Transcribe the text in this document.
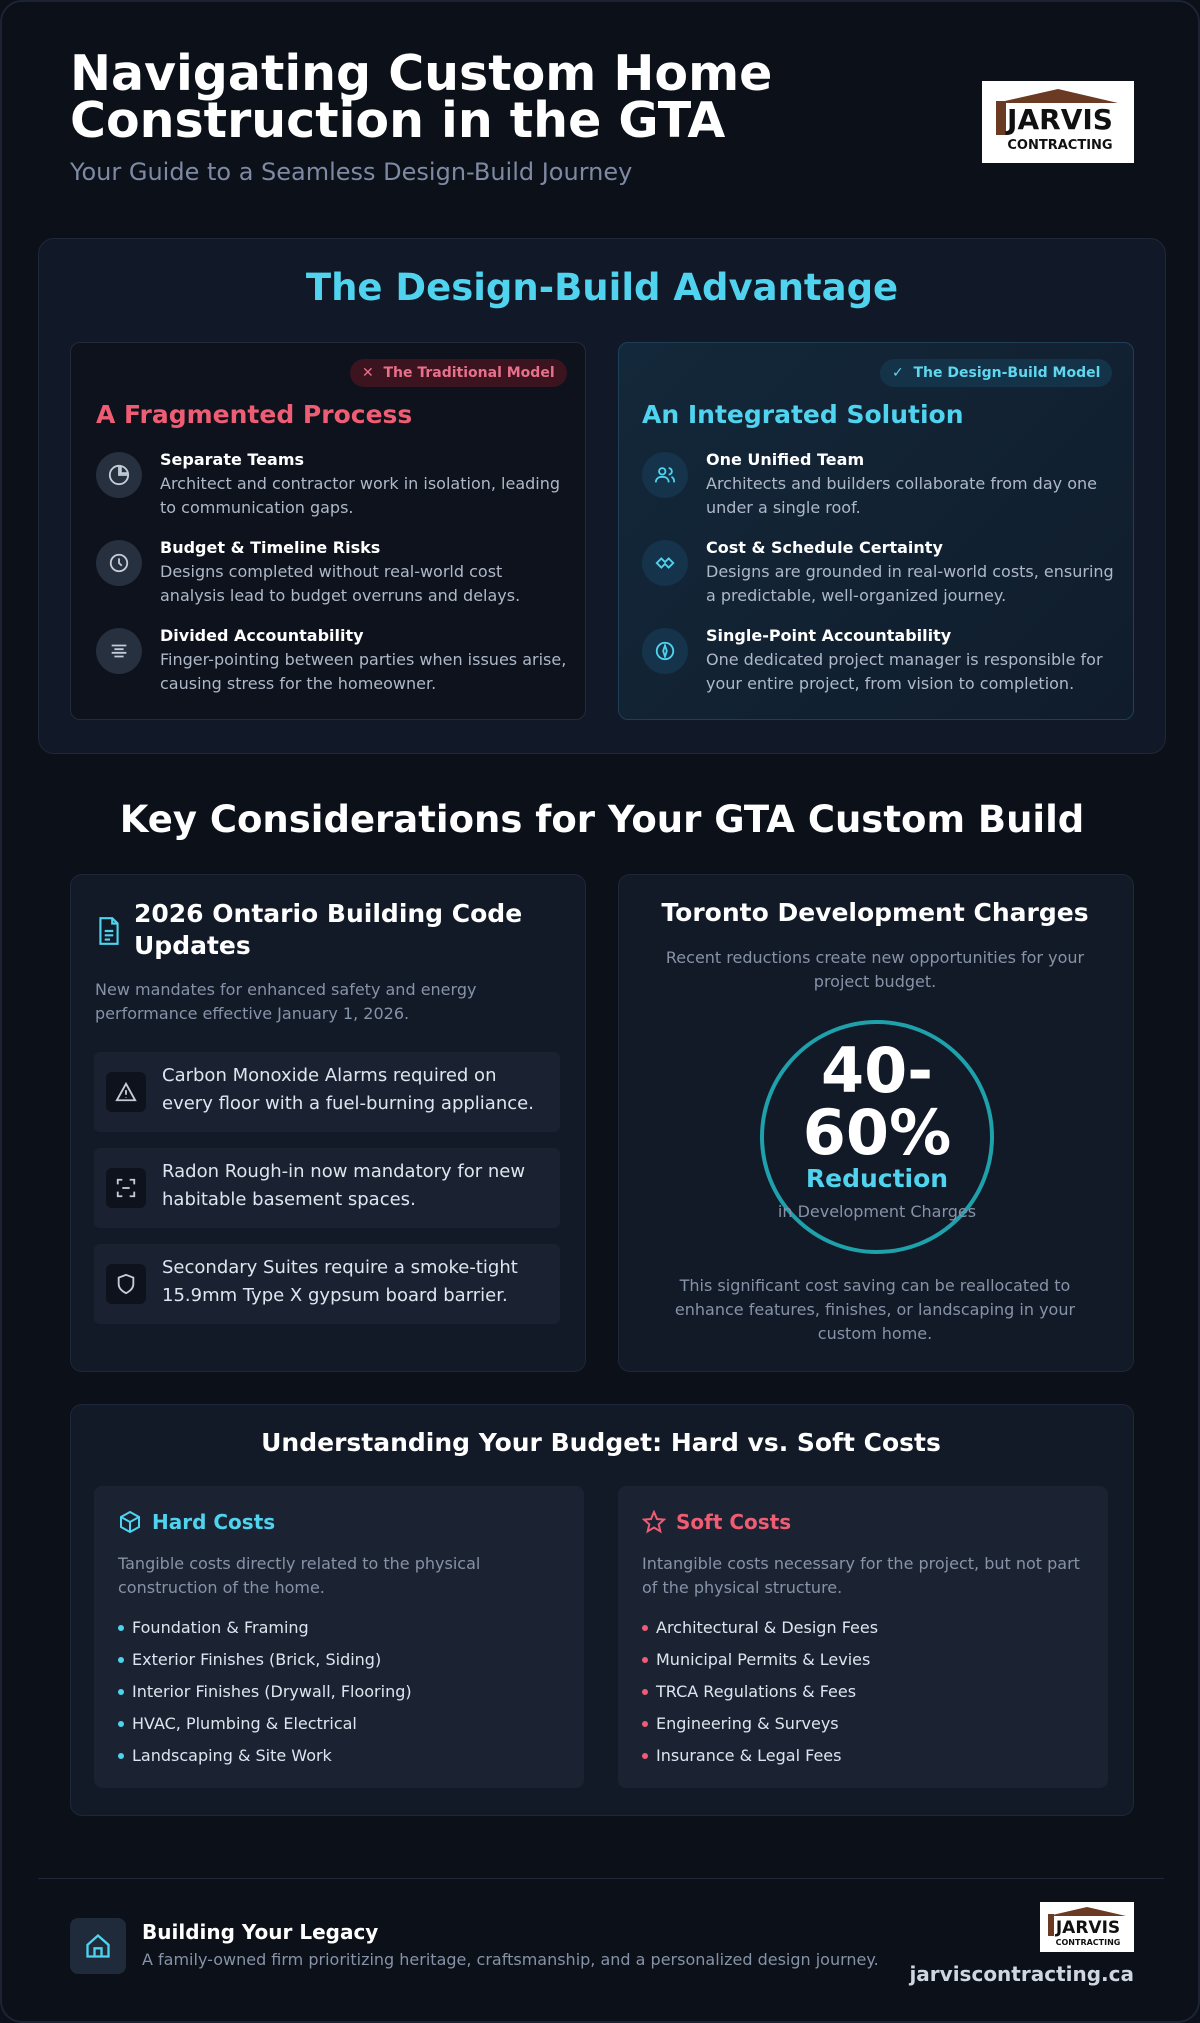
Navigating Custom Home Construction in the GTA
Your Guide to a Seamless Design-Build Journey
JARVIS
CONTRACTING
The Design-Build Advantage
✕ The Traditional Model
A Fragmented Process
Separate Teams
Architect and contractor work in isolation, leading to communication gaps.
Budget & Timeline Risks
Designs completed without real-world cost analysis lead to budget overruns and delays.
Divided Accountability
Finger-pointing between parties when issues arise, causing stress for the homeowner.
✓ The Design-Build Model
An Integrated Solution
One Unified Team
Architects and builders collaborate from day one under a single roof.
Cost & Schedule Certainty
Designs are grounded in real-world costs, ensuring a predictable, well-organized journey.
Single-Point Accountability
One dedicated project manager is responsible for your entire project, from vision to completion.
Key Considerations for Your GTA Custom Build
2026 Ontario Building Code Updates
New mandates for enhanced safety and energy performance effective January 1, 2026.
Carbon Monoxide Alarms required on every floor with a fuel-burning appliance.
Radon Rough-in now mandatory for new habitable basement spaces.
Secondary Suites require a smoke-tight 15.9mm Type X gypsum board barrier.
Toronto Development Charges
Recent reductions create new opportunities for your project budget.
40-
60%
Reduction
in Development Charges
This significant cost saving can be reallocated to enhance features, finishes, or landscaping in your custom home.
Understanding Your Budget: Hard vs. Soft Costs
Hard Costs
Tangible costs directly related to the physical construction of the home.
Foundation & Framing
Exterior Finishes (Brick, Siding)
Interior Finishes (Drywall, Flooring)
HVAC, Plumbing & Electrical
Landscaping & Site Work
Soft Costs
Intangible costs necessary for the project, but not part of the physical structure.
Architectural & Design Fees
Municipal Permits & Levies
TRCA Regulations & Fees
Engineering & Surveys
Insurance & Legal Fees
Building Your Legacy
A family-owned firm prioritizing heritage, craftsmanship, and a personalized design journey.
JARVIS
CONTRACTING
jarviscontracting.ca
